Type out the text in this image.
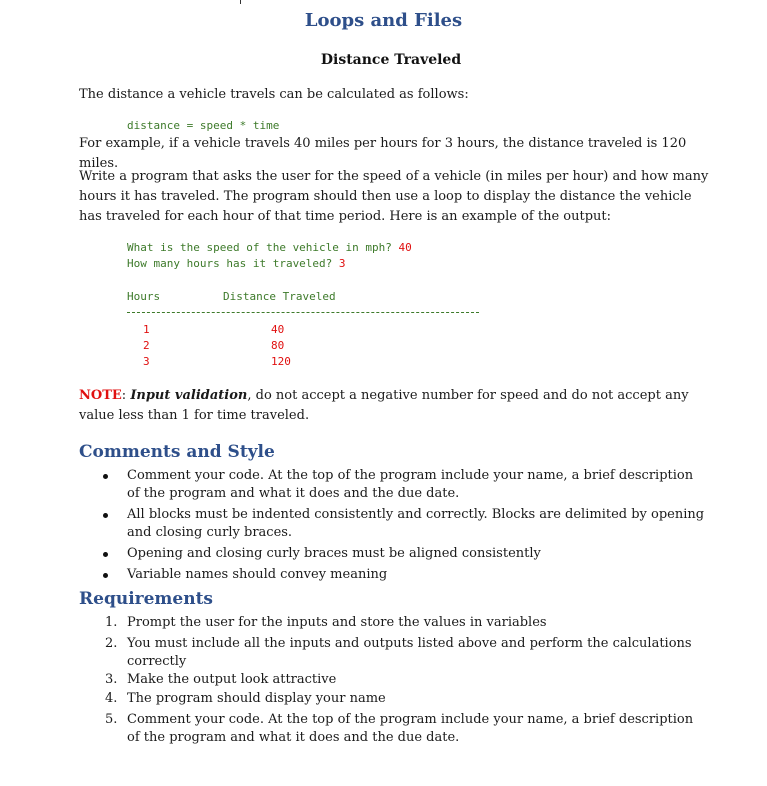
Loops and Files
Distance Traveled
The distance a vehicle travels can be calculated as follows:
distance = speed * time
For example, if a vehicle travels 40 miles per hours for 3 hours, the distance traveled is 120 miles.
Write a program that asks the user for the speed of a vehicle (in miles per hour) and how many hours it has traveled. The program should then use a loop to display the distance the vehicle has traveled for each hour of that time period. Here is an example of the output:
What is the speed of the vehicle in mph? 40
How many hours has it traveled? 3
Hours	Distance Traveled
1	40
2	80
3	120
NOTE: Input validation, do not accept a negative number for speed and do not accept any value less than 1 for time traveled.
Comments and Style
Comment your code. At the top of the program include your name, a brief description of the program and what it does and the due date.
All blocks must be indented consistently and correctly. Blocks are delimited by opening and closing curly braces.
Opening and closing curly braces must be aligned consistently
Variable names should convey meaning
Requirements
1. Prompt the user for the inputs and store the values in variables
2. You must include all the inputs and outputs listed above and perform the calculations correctly
3. Make the output look attractive
4. The program should display your name
5. Comment your code. At the top of the program include your name, a brief description of the program and what it does and the due date.
